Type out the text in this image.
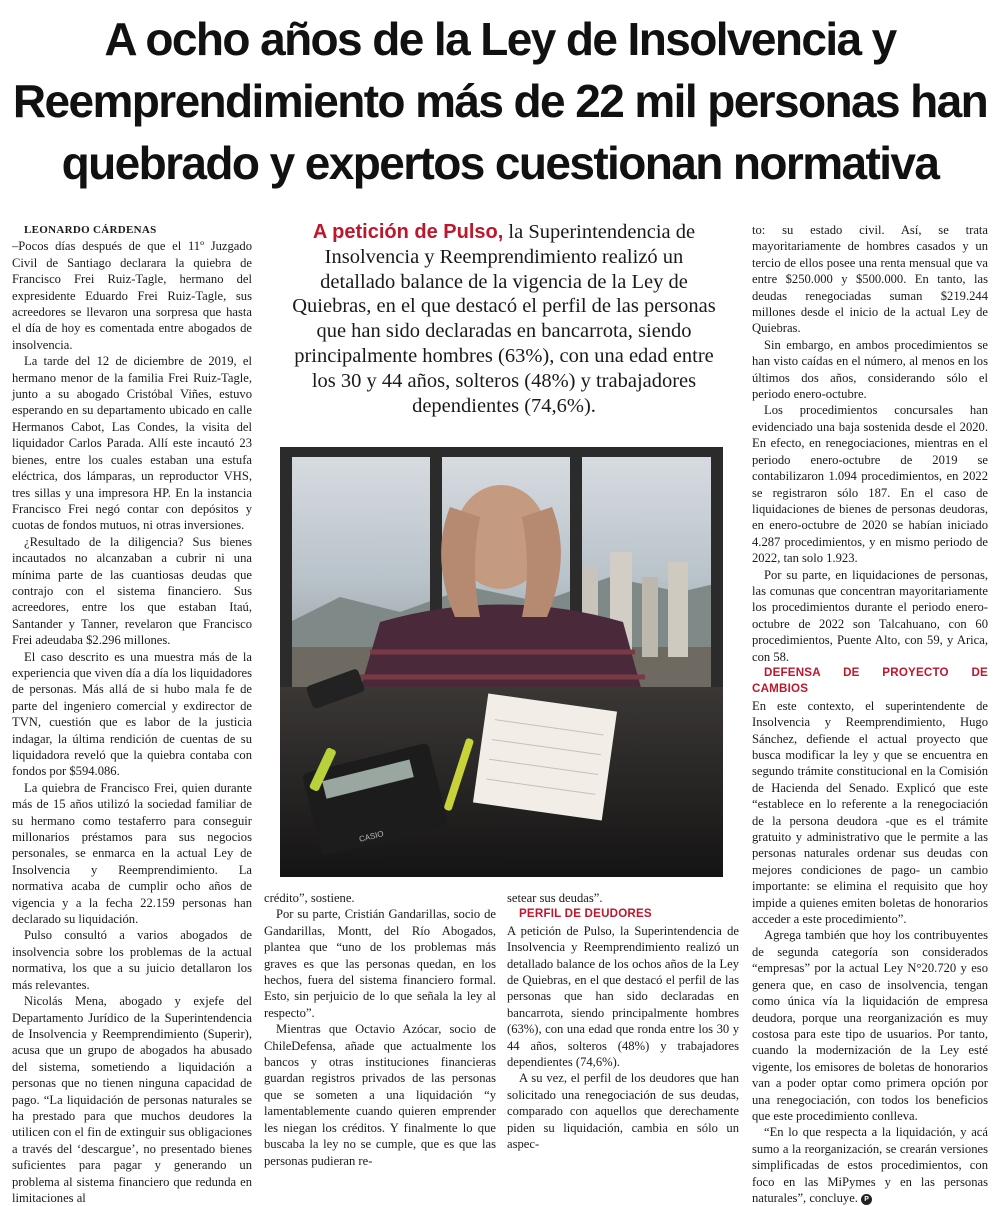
A ocho años de la Ley de Insolvencia y
Reemprendimiento más de 22 mil personas han
quebrado y expertos cuestionan normativa

LEONARDO CÁRDENAS

–Pocos días después de que el 11º Juzgado Civil de Santiago declarara la quiebra de Francisco Frei Ruiz-Tagle, hermano del expresidente Eduardo Frei Ruiz-Tagle, sus acreedores se llevaron una sorpresa que hasta el día de hoy es comentada entre abogados de insolvencia.

La tarde del 12 de diciembre de 2019, el hermano menor de la familia Frei Ruiz-Tagle, junto a su abogado Cristóbal Viñes, estuvo esperando en su departamento ubicado en calle Hermanos Cabot, Las Condes, la visita del liquidador Carlos Parada. Allí este incautó 23 bienes, entre los cuales estaban una estufa eléctrica, dos lámparas, un reproductor VHS, tres sillas y una impresora HP. En la instancia Francisco Frei negó contar con depósitos y cuotas de fondos mutuos, ni otras inversiones.

¿Resultado de la diligencia? Sus bienes incautados no alcanzaban a cubrir ni una mínima parte de las cuantiosas deudas que contrajo con el sistema financiero. Sus acreedores, entre los que estaban Itaú, Santander y Tanner, revelaron que Francisco Frei adeudaba $2.296 millones.

El caso descrito es una muestra más de la experiencia que viven día a día los liquidadores de personas. Más allá de si hubo mala fe de parte del ingeniero comercial y exdirector de TVN, cuestión que es labor de la justicia indagar, la última rendición de cuentas de su liquidadora reveló que la quiebra contaba con fondos por $594.086.

La quiebra de Francisco Frei, quien durante más de 15 años utilizó la sociedad familiar de su hermano como testaferro para conseguir millonarios préstamos para sus negocios personales, se enmarca en la actual Ley de Insolvencia y Reemprendimiento. La normativa acaba de cumplir ocho años de vigencia y a la fecha 22.159 personas han declarado su liquidación.

Pulso consultó a varios abogados de insolvencia sobre los problemas de la actual normativa, los que a su juicio detallaron los más relevantes.

Nicolás Mena, abogado y exjefe del Departamento Jurídico de la Superintendencia de Insolvencia y Reemprendimiento (Superir), acusa que un grupo de abogados ha abusado del sistema, sometiendo a liquidación a personas que no tienen ninguna capacidad de pago. “La liquidación de personas naturales se ha prestado para que muchos deudores la utilicen con el fin de extinguir sus obligaciones a través del ‘descargue’, no presentado bienes suficientes para pagar y generando un problema al sistema financiero que redunda en limitaciones al

A petición de Pulso, la Superintendencia de Insolvencia y Reemprendimiento realizó un detallado balance de la vigencia de la Ley de Quiebras, en el que destacó el perfil de las personas que han sido declaradas en bancarrota, siendo principalmente hombres (63%), con una edad entre los 30 y 44 años, solteros (48%) y trabajadores dependientes (74,6%).
CASIO

crédito”, sostiene.

Por su parte, Cristián Gandarillas, socio de Gandarillas, Montt, del Río Abogados, plantea que “uno de los problemas más graves es que las personas quedan, en los hechos, fuera del sistema financiero formal. Esto, sin perjuicio de lo que señala la ley al respecto”.

Mientras que Octavio Azócar, socio de ChileDefensa, añade que actualmente los bancos y otras instituciones financieras guardan registros privados de las personas que se someten a una liquidación “y lamentablemente cuando quieren emprender les niegan los créditos. Y finalmente lo que buscaba la ley no se cumple, que es que las personas pudieran re-

setear sus deudas”.

PERFIL DE DEUDORES

A petición de Pulso, la Superintendencia de Insolvencia y Reemprendimiento realizó un detallado balance de los ochos años de la Ley de Quiebras, en el que destacó el perfil de las personas que han sido declaradas en bancarrota, siendo principalmente hombres (63%), con una edad que ronda entre los 30 y 44 años, solteros (48%) y trabajadores dependientes (74,6%).

A su vez, el perfil de los deudores que han solicitado una renegociación de sus deudas, comparado con aquellos que derechamente piden su liquidación, cambia en sólo un aspec-

to: su estado civil. Así, se trata mayoritariamente de hombres casados y un tercio de ellos posee una renta mensual que va entre $250.000 y $500.000. En tanto, las deudas renegociadas suman $219.244 millones desde el inicio de la actual Ley de Quiebras.

Sin embargo, en ambos procedimientos se han visto caídas en el número, al menos en los últimos dos años, considerando sólo el periodo enero-octubre.

Los procedimientos concursales han evidenciado una baja sostenida desde el 2020. En efecto, en renegociaciones, mientras en el periodo enero-octubre de 2019 se contabilizaron 1.094 procedimientos, en 2022 se registraron sólo 187. En el caso de liquidaciones de bienes de personas deudoras, en enero-octubre de 2020 se habían iniciado 4.287 procedimientos, y en mismo periodo de 2022, tan solo 1.923.

Por su parte, en liquidaciones de personas, las comunas que concentran mayoritariamente los procedimientos durante el periodo enero-octubre de 2022 son Talcahuano, con 60 procedimientos, Puente Alto, con 59, y Arica, con 58.

DEFENSA DE PROYECTO DE CAMBIOS

En este contexto, el superintendente de Insolvencia y Reemprendimiento, Hugo Sánchez, defiende el actual proyecto que busca modificar la ley y que se encuentra en segundo trámite constitucional en la Comisión de Hacienda del Senado. Explicó que este “establece en lo referente a la renegociación de la persona deudora -que es el trámite gratuito y administrativo que le permite a las personas naturales ordenar sus deudas con mejores condiciones de pago- un cambio importante: se elimina el requisito que hoy impide a quienes emiten boletas de honorarios acceder a este procedimiento”.

Agrega también que hoy los contribuyentes de segunda categoría son considerados “empresas” por la actual Ley N°20.720 y eso genera que, en caso de insolvencia, tengan como única vía la liquidación de empresa deudora, porque una reorganización es muy costosa para este tipo de usuarios. Por tanto, cuando la modernización de la Ley esté vigente, los emisores de boletas de honorarios van a poder optar como primera opción por una renegociación, con todos los beneficios que este procedimiento conlleva.

“En lo que respecta a la liquidación, y acá sumo a la reorganización, se crearán versiones simplificadas de estos procedimientos, con foco en las MiPymes y en las personas naturales”, concluye. P
